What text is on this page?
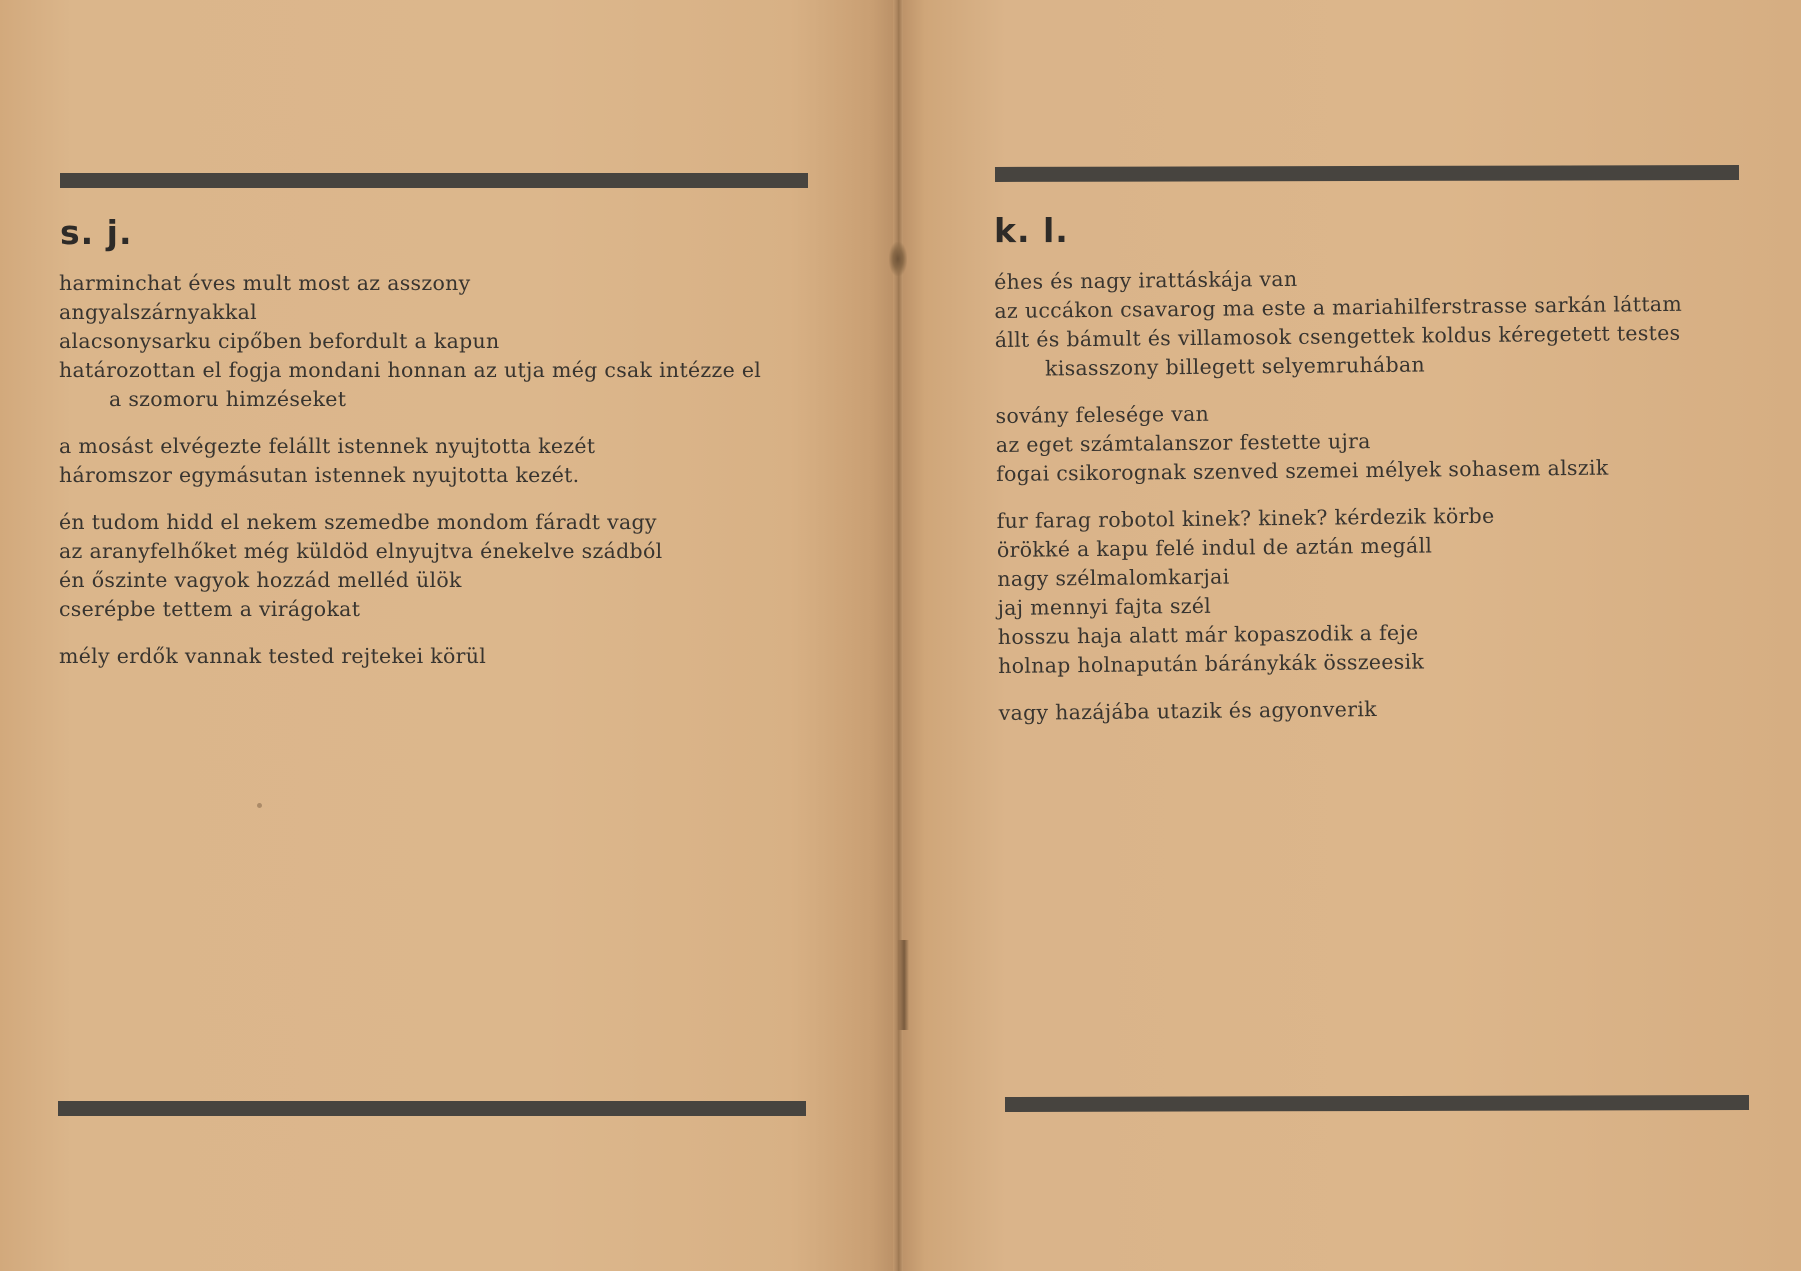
s. j.
harminchat éves mult most az asszony
angyalszárnyakkal
alacsonysarku cipőben befordult a kapun
határozottan el fogja mondani honnan az utja még csak intézze el
a szomoru himzéseket
a mosást elvégezte felállt istennek nyujtotta kezét
háromszor egymásutan istennek nyujtotta kezét.
én tudom hidd el nekem szemedbe mondom fáradt vagy
az aranyfelhőket még küldöd elnyujtva énekelve szádból
én őszinte vagyok hozzád melléd ülök
cserépbe tettem a virágokat
mély erdők vannak tested rejtekei körül
k. l.
éhes és nagy irattáskája van
az uccákon csavarog ma este a mariahilferstrasse sarkán láttam
állt és bámult és villamosok csengettek koldus kéregetett testes
kisasszony billegett selyemruhában
sovány felesége van
az eget számtalanszor festette ujra
fogai csikorognak szenved szemei mélyek sohasem alszik
fur farag robotol kinek? kinek? kérdezik körbe
örökké a kapu felé indul de aztán megáll
nagy szélmalomkarjai
jaj mennyi fajta szél
hosszu haja alatt már kopaszodik a feje
holnap holnapután báránykák összeesik
vagy hazájába utazik és agyonverik
